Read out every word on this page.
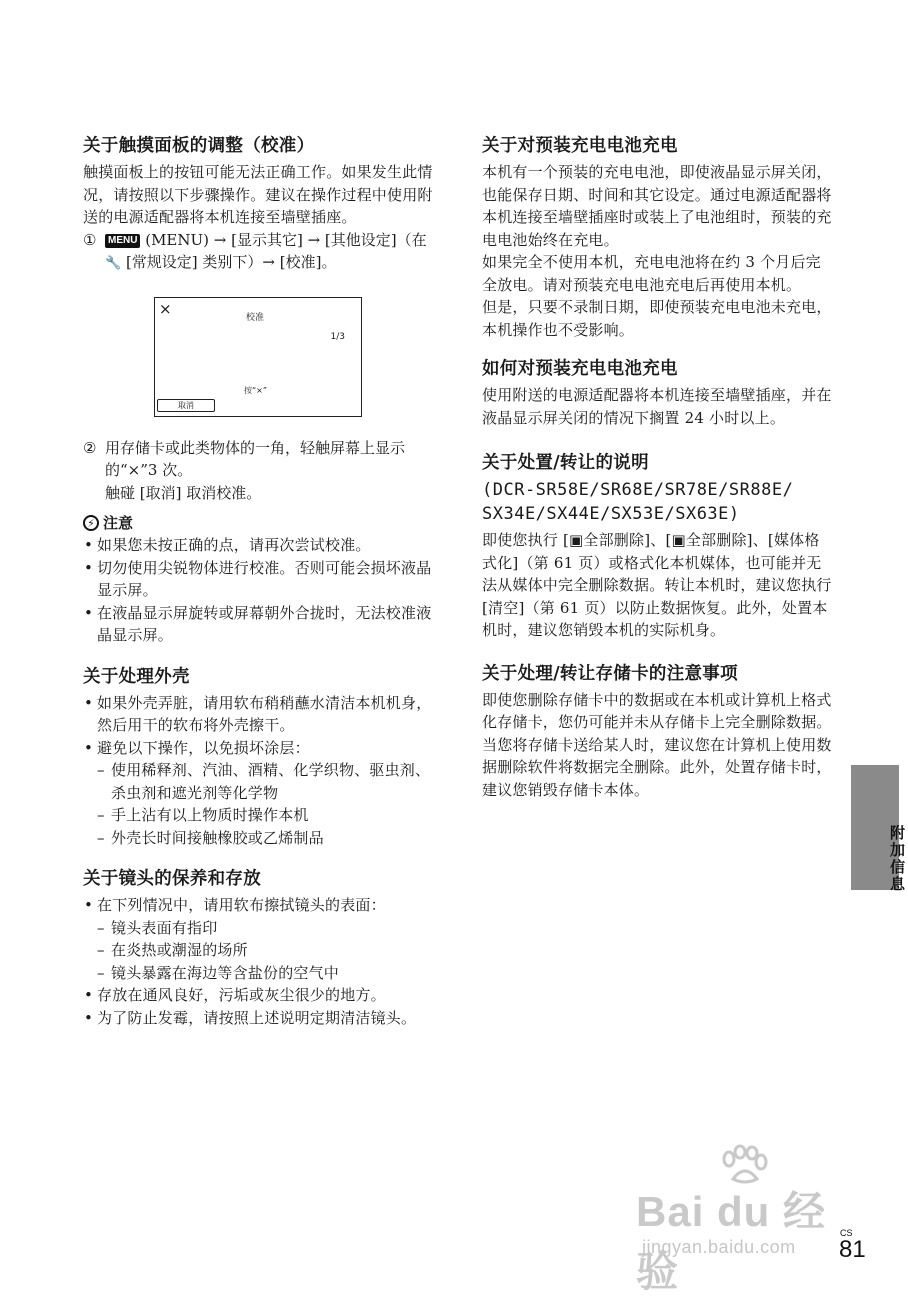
关于触摸面板的调整（校准）

触摸面板上的按钮可能无法正确工作。如果发生此情况，请按照以下步骤操作。建议在操作过程中使用附送的电源适配器将本机连接至墙壁插座。

①	MENU (MENU) → [显示其它] → [其他设定]（在 🔧 [常规设定] 类别下）→ [校准]。
×	校准
1/3
按“×”
取消
② 用存储卡或此类物体的一角，轻触屏幕上显示的“×”3 次。
触碰 [取消] 取消校准。
⚡ 注意
• 如果您未按正确的点，请再次尝试校准。
• 切勿使用尖锐物体进行校准。否则可能会损坏液晶显示屏。
• 在液晶显示屏旋转或屏幕朝外合拢时，无法校准液晶显示屏。
关于处理外壳
• 如果外壳弄脏，请用软布稍稍蘸水清洁本机机身，然后用干的软布将外壳擦干。
• 避免以下操作，以免损坏涂层：
– 使用稀释剂、汽油、酒精、化学织物、驱虫剂、杀虫剂和遮光剂等化学物
– 手上沾有以上物质时操作本机
– 外壳长时间接触橡胶或乙烯制品
关于镜头的保养和存放
• 在下列情况中，请用软布擦拭镜头的表面：
– 镜头表面有指印
– 在炎热或潮湿的场所
– 镜头暴露在海边等含盐份的空气中
• 存放在通风良好，污垢或灰尘很少的地方。
• 为了防止发霉，请按照上述说明定期清洁镜头。
关于对预装充电电池充电

本机有一个预装的充电电池，即使液晶显示屏关闭，也能保存日期、时间和其它设定。通过电源适配器将本机连接至墙壁插座时或装上了电池组时，预装的充电电池始终在充电。

如果完全不使用本机，充电电池将在约 3 个月后完全放电。请对预装充电电池充电后再使用本机。

但是，只要不录制日期，即使预装充电电池未充电，本机操作也不受影响。

如何对预装充电电池充电

使用附送的电源适配器将本机连接至墙壁插座，并在液晶显示屏关闭的情况下搁置 24 小时以上。

关于处置/转让的说明
(DCR-SR58E/SR68E/SR78E/SR88E/
SX34E/SX44E/SX53E/SX63E)

即使您执行 [▣全部删除]、[▣全部删除]、[媒体格式化]（第 61 页）或格式化本机媒体，也可能并无法从媒体中完全删除数据。转让本机时，建议您执行 [清空]（第 61 页）以防止数据恢复。此外，处置本机时，建议您销毁本机的实际机身。

关于处理/转让存储卡的注意事项

即使您删除存储卡中的数据或在本机或计算机上格式化存储卡，您仍可能并未从存储卡上完全删除数据。当您将存储卡送给某人时，建议您在计算机上使用数据删除软件将数据完全删除。此外，处置存储卡时，建议您销毁存储卡本体。

附加信息
Bai du 经验
jingyan.baidu.com
CS
81
